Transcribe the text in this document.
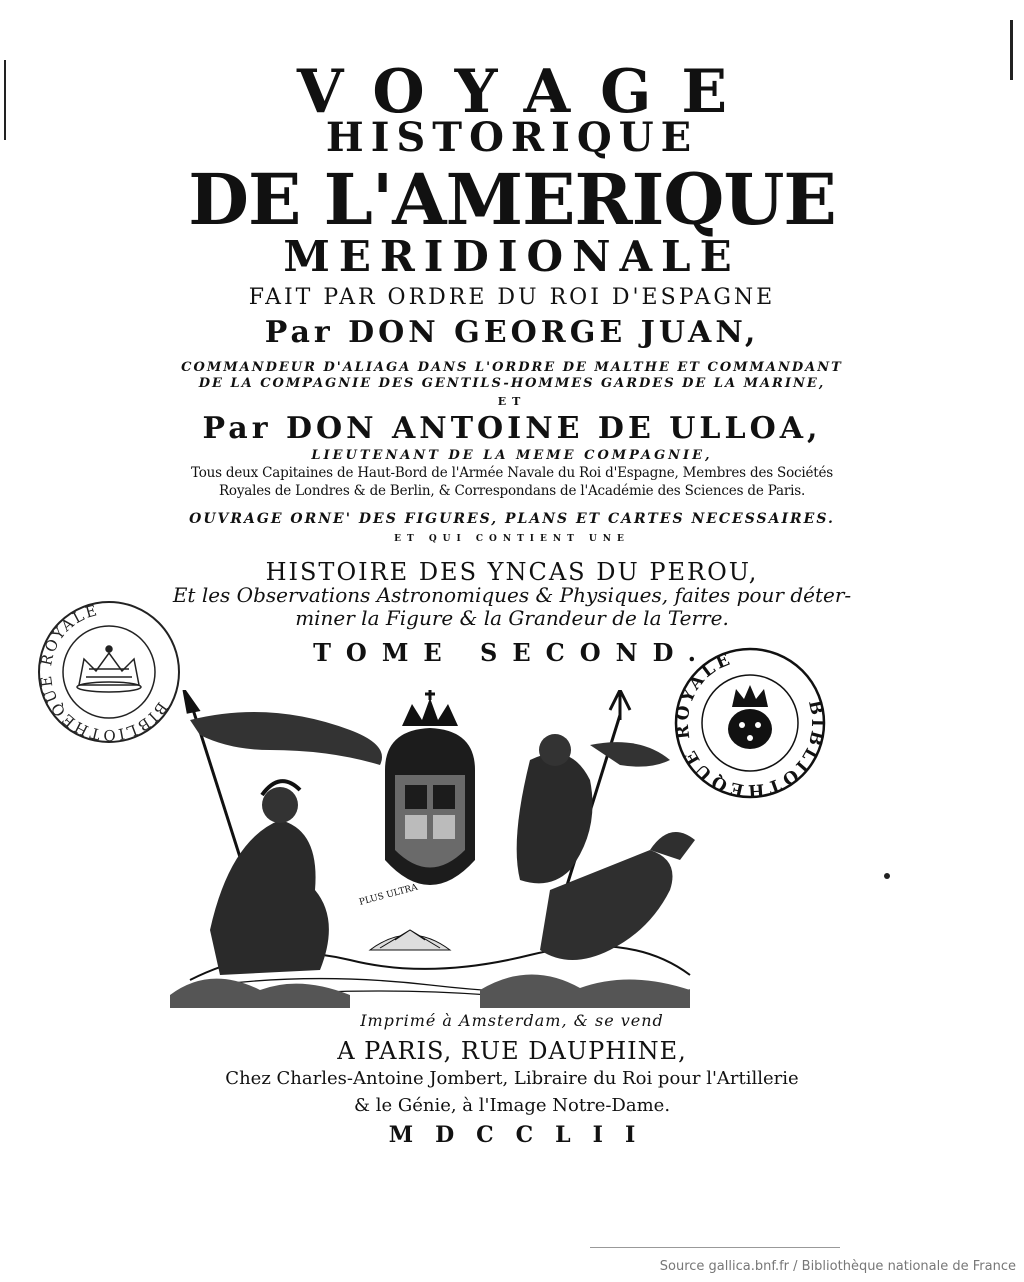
VOYAGE
HISTORIQUE
DE L'AMERIQUE
MERIDIONALE
FAIT PAR ORDRE DU ROI D'ESPAGNE
Par DON GEORGE JUAN,
COMMANDEUR D'ALIAGA DANS L'ORDRE DE MALTHE ET COMMANDANT
DE LA COMPAGNIE DES GENTILS-HOMMES GARDES DE LA MARINE,
ET
Par DON ANTOINE DE ULLOA,
LIEUTENANT DE LA MEME COMPAGNIE,
Tous deux Capitaines de Haut-Bord de l'Armée Navale du Roi d'Espagne, Membres des Sociétés
Royales de Londres & de Berlin, & Correspondans de l'Académie des Sciences de Paris.
OUVRAGE ORNE' DES FIGURES, PLANS ET CARTES NECESSAIRES.
ET QUI CONTIENT UNE
HISTOIRE DES YNCAS DU PEROU,
Et les Observations Astronomiques & Physiques, faites pour déter-
miner la Figure & la Grandeur de la Terre.
TOME SECOND.
BIBLIOTHEQUE ROYALE
BIBLIOTHEQUE ROYALE
PLUS ULTRA
Imprimé à Amsterdam, & se vend
A PARIS, RUE DAUPHINE,
Chez Charles-Antoine Jombert, Libraire du Roi pour l'Artillerie
& le Génie, à l'Image Notre-Dame.
MDCCLII
Source gallica.bnf.fr / Bibliothèque nationale de France
